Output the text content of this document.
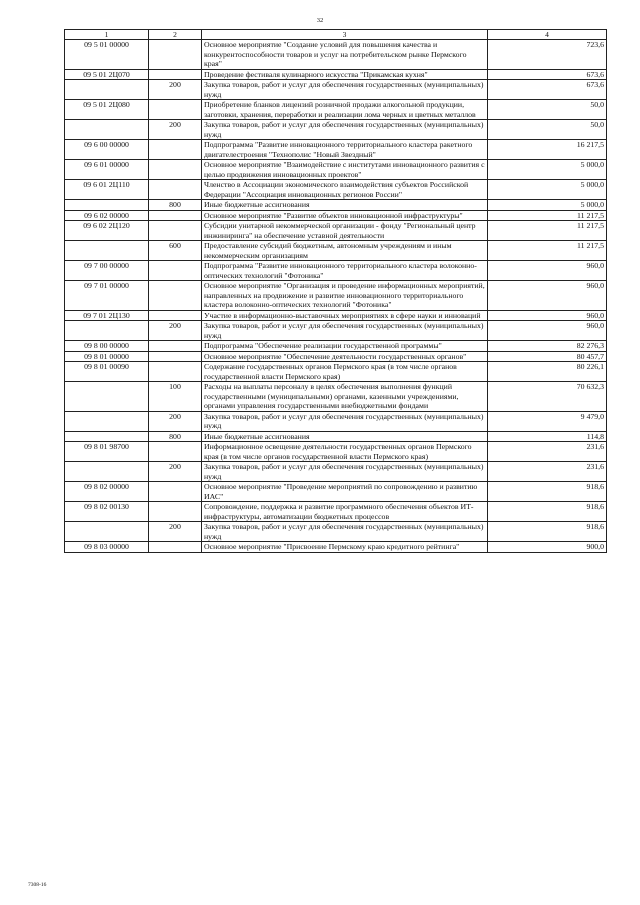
32
1	2	3	4
09 5 01 00000		Основное мероприятие "Создание условий для повышения качества и конкурентоспособности товаров и услуг на потребительском рынке Пермского края"	723,6
09 5 01 2Ц070		Проведение фестиваля кулинарного искусства "Прикамская кухня"	673,6
	200	Закупка товаров, работ и услуг для обеспечения государственных (муниципальных) нужд	673,6
09 5 01 2Ц080		Приобретение бланков лицензий розничной продажи алкогольной продукции, заготовки, хранения, переработки и реализации лома черных и цветных металлов	50,0
	200	Закупка товаров, работ и услуг для обеспечения государственных (муниципальных) нужд	50,0
09 6 00 00000		Подпрограмма "Развитие инновационного территориального кластера ракетного двигателестроения "Технополис "Новый Звездный"	16 217,5
09 6 01 00000		Основное мероприятие "Взаимодействие с институтами инновационного развития с целью продвижения инновационных проектов"	5 000,0
09 6 01 2Ц110		Членство в Ассоциации экономического взаимодействия субъектов Российской Федерации "Ассоциация инновационных регионов России"	5 000,0
	800	Иные бюджетные ассигнования	5 000,0
09 6 02 00000		Основное мероприятие "Развитие объектов инновационной инфраструктуры"	11 217,5
09 6 02 2Ц120		Субсидии унитарной некоммерческой организации - фонду "Региональный центр инжиниринга" на обеспечение уставной деятельности	11 217,5
	600	Предоставление субсидий бюджетным, автономным учреждениям и иным некоммерческим организациям	11 217,5
09 7 00 00000		Подпрограмма "Развитие инновационного территориального кластера волоконно-оптических технологий "Фотоника"	960,0
09 7 01 00000		Основное мероприятие "Организация и проведение информационных мероприятий, направленных на продвижение и развитие инновационного территориального кластера волоконно-оптических технологий "Фотоника"	960,0
09 7 01 2Ц130		Участие в информационно-выставочных мероприятиях в сфере науки и инноваций	960,0
	200	Закупка товаров, работ и услуг для обеспечения государственных (муниципальных) нужд	960,0
09 8 00 00000		Подпрограмма "Обеспечение реализации государственной программы"	82 276,3
09 8 01 00000		Основное мероприятие "Обеспечение деятельности государственных органов"	80 457,7
09 8 01 00090		Содержание государственных органов Пермского края (в том числе органов государственной власти Пермского края)	80 226,1
	100	Расходы на выплаты персоналу в целях обеспечения выполнения функций государственными (муниципальными) органами, казенными учреждениями, органами управления государственными внебюджетными фондами	70 632,3
	200	Закупка товаров, работ и услуг для обеспечения государственных (муниципальных) нужд	9 479,0
	800	Иные бюджетные ассигнования	114,8
09 8 01 98700		Информационное освещение деятельности государственных органов Пермского края (в том числе органов государственной власти Пермского края)	231,6
	200	Закупка товаров, работ и услуг для обеспечения государственных (муниципальных) нужд	231,6
09 8 02 00000		Основное мероприятие "Проведение мероприятий по сопровождению и развитию ИАС"	918,6
09 8 02 00130		Сопровождение, поддержка и развитие программного обеспечения объектов ИТ-инфраструктуры, автоматизации бюджетных процессов	918,6
	200	Закупка товаров, работ и услуг для обеспечения государственных (муниципальных) нужд	918,6
09 8 03 00000		Основное мероприятие "Присвоение Пермскому краю кредитного рейтинга"	900,0
7308-16
